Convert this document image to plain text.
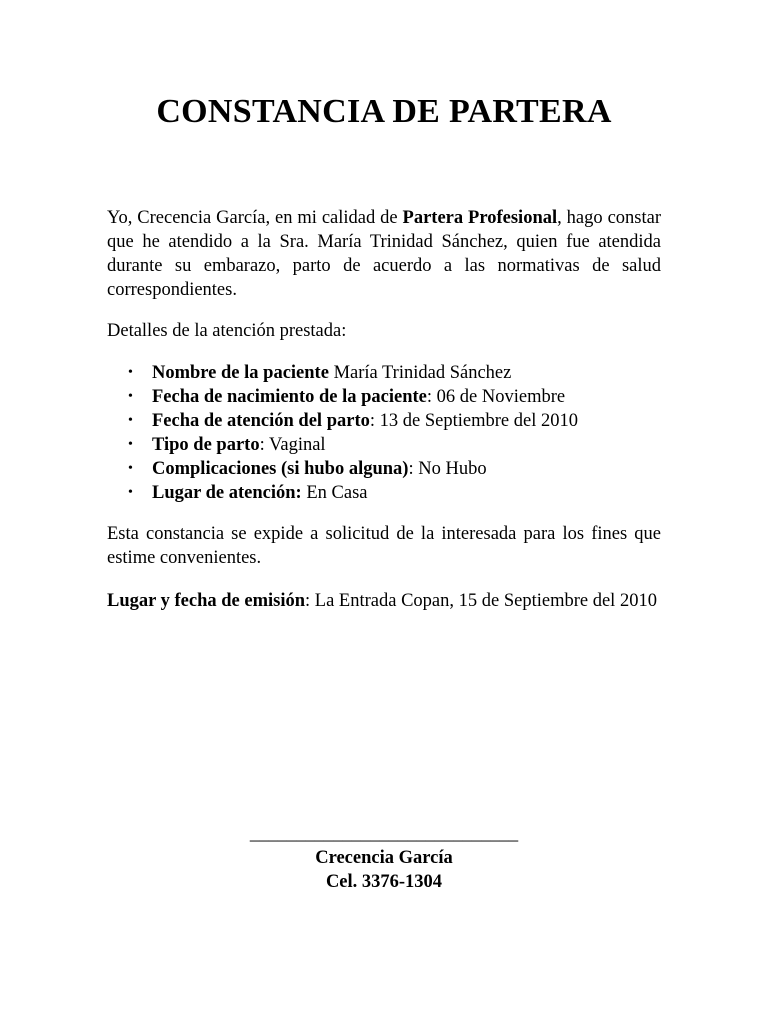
CONSTANCIA DE PARTERA

Yo, Crecencia García, en mi calidad de Partera Profesional, hago constar que he atendido a la Sra. María Trinidad Sánchez, quien fue atendida durante su embarazo, parto de acuerdo a las normativas de salud correspondientes.

Detalles de la atención prestada:

• Nombre de la paciente María Trinidad Sánchez
• Fecha de nacimiento de la paciente: 06 de Noviembre
• Fecha de atención del parto: 13 de Septiembre del 2010
• Tipo de parto: Vaginal
• Complicaciones (si hubo alguna): No Hubo
• Lugar de atención: En Casa

Esta constancia se expide a solicitud de la interesada para los fines que estime convenientes.

Lugar y fecha de emisión: La Entrada Copan, 15 de Septiembre del 2010

_____________________________
Crecencia García
Cel. 3376-1304
